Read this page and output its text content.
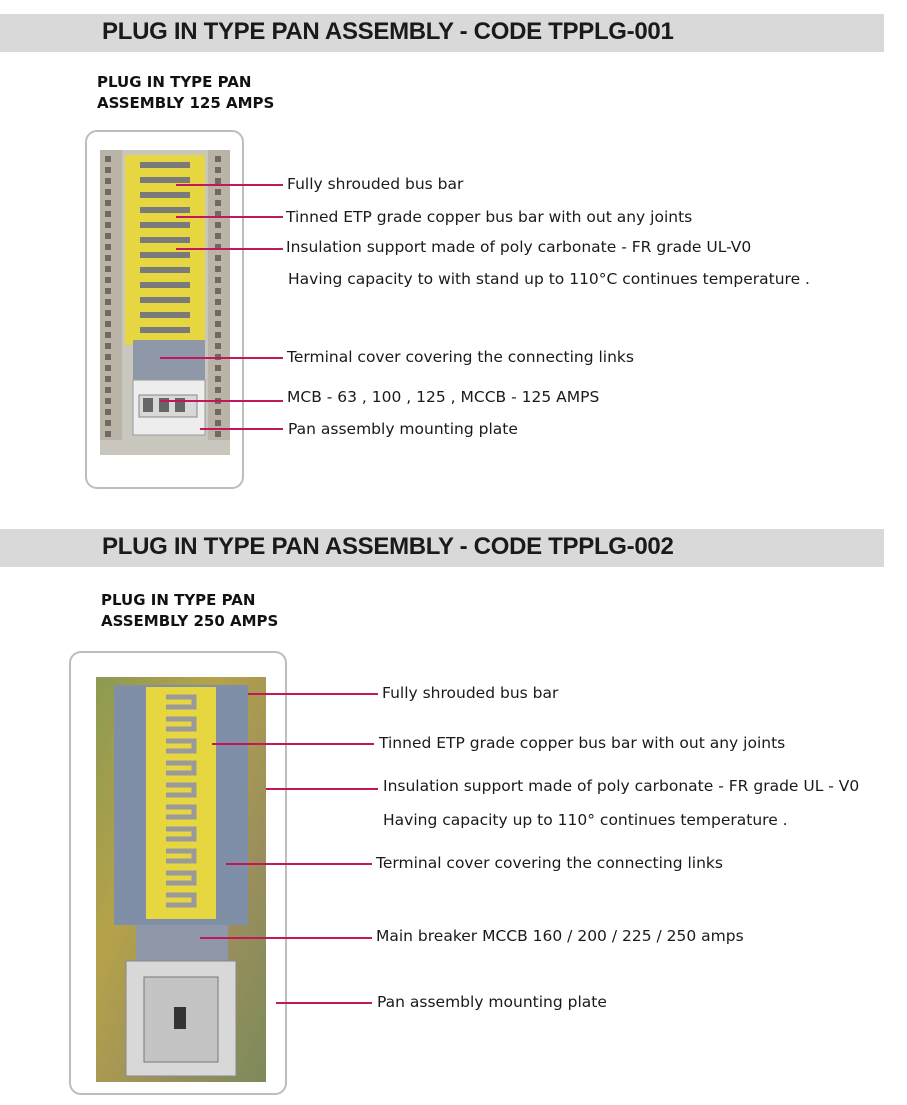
PLUG IN TYPE PAN ASSEMBLY - CODE TPPLG-001
PLUG IN TYPE PAN
ASSEMBLY 125 AMPS
Fully shrouded bus bar
Tinned ETP grade copper bus bar with out any joints
Insulation support made of poly carbonate - FR grade UL-V0
Having capacity to with stand up to 110°C continues temperature .
Terminal cover covering the connecting links
MCB - 63 , 100 , 125 , MCCB - 125 AMPS
Pan assembly mounting plate
PLUG IN TYPE PAN ASSEMBLY - CODE TPPLG-002
PLUG IN TYPE PAN
ASSEMBLY 250 AMPS
Fully shrouded bus bar
Tinned ETP grade copper bus bar with out any joints
Insulation support made of poly carbonate - FR grade UL - V0
Having capacity up to 110° continues temperature .
Terminal cover covering the connecting links
Main breaker MCCB 160 / 200 / 225 / 250 amps
Pan assembly mounting plate
